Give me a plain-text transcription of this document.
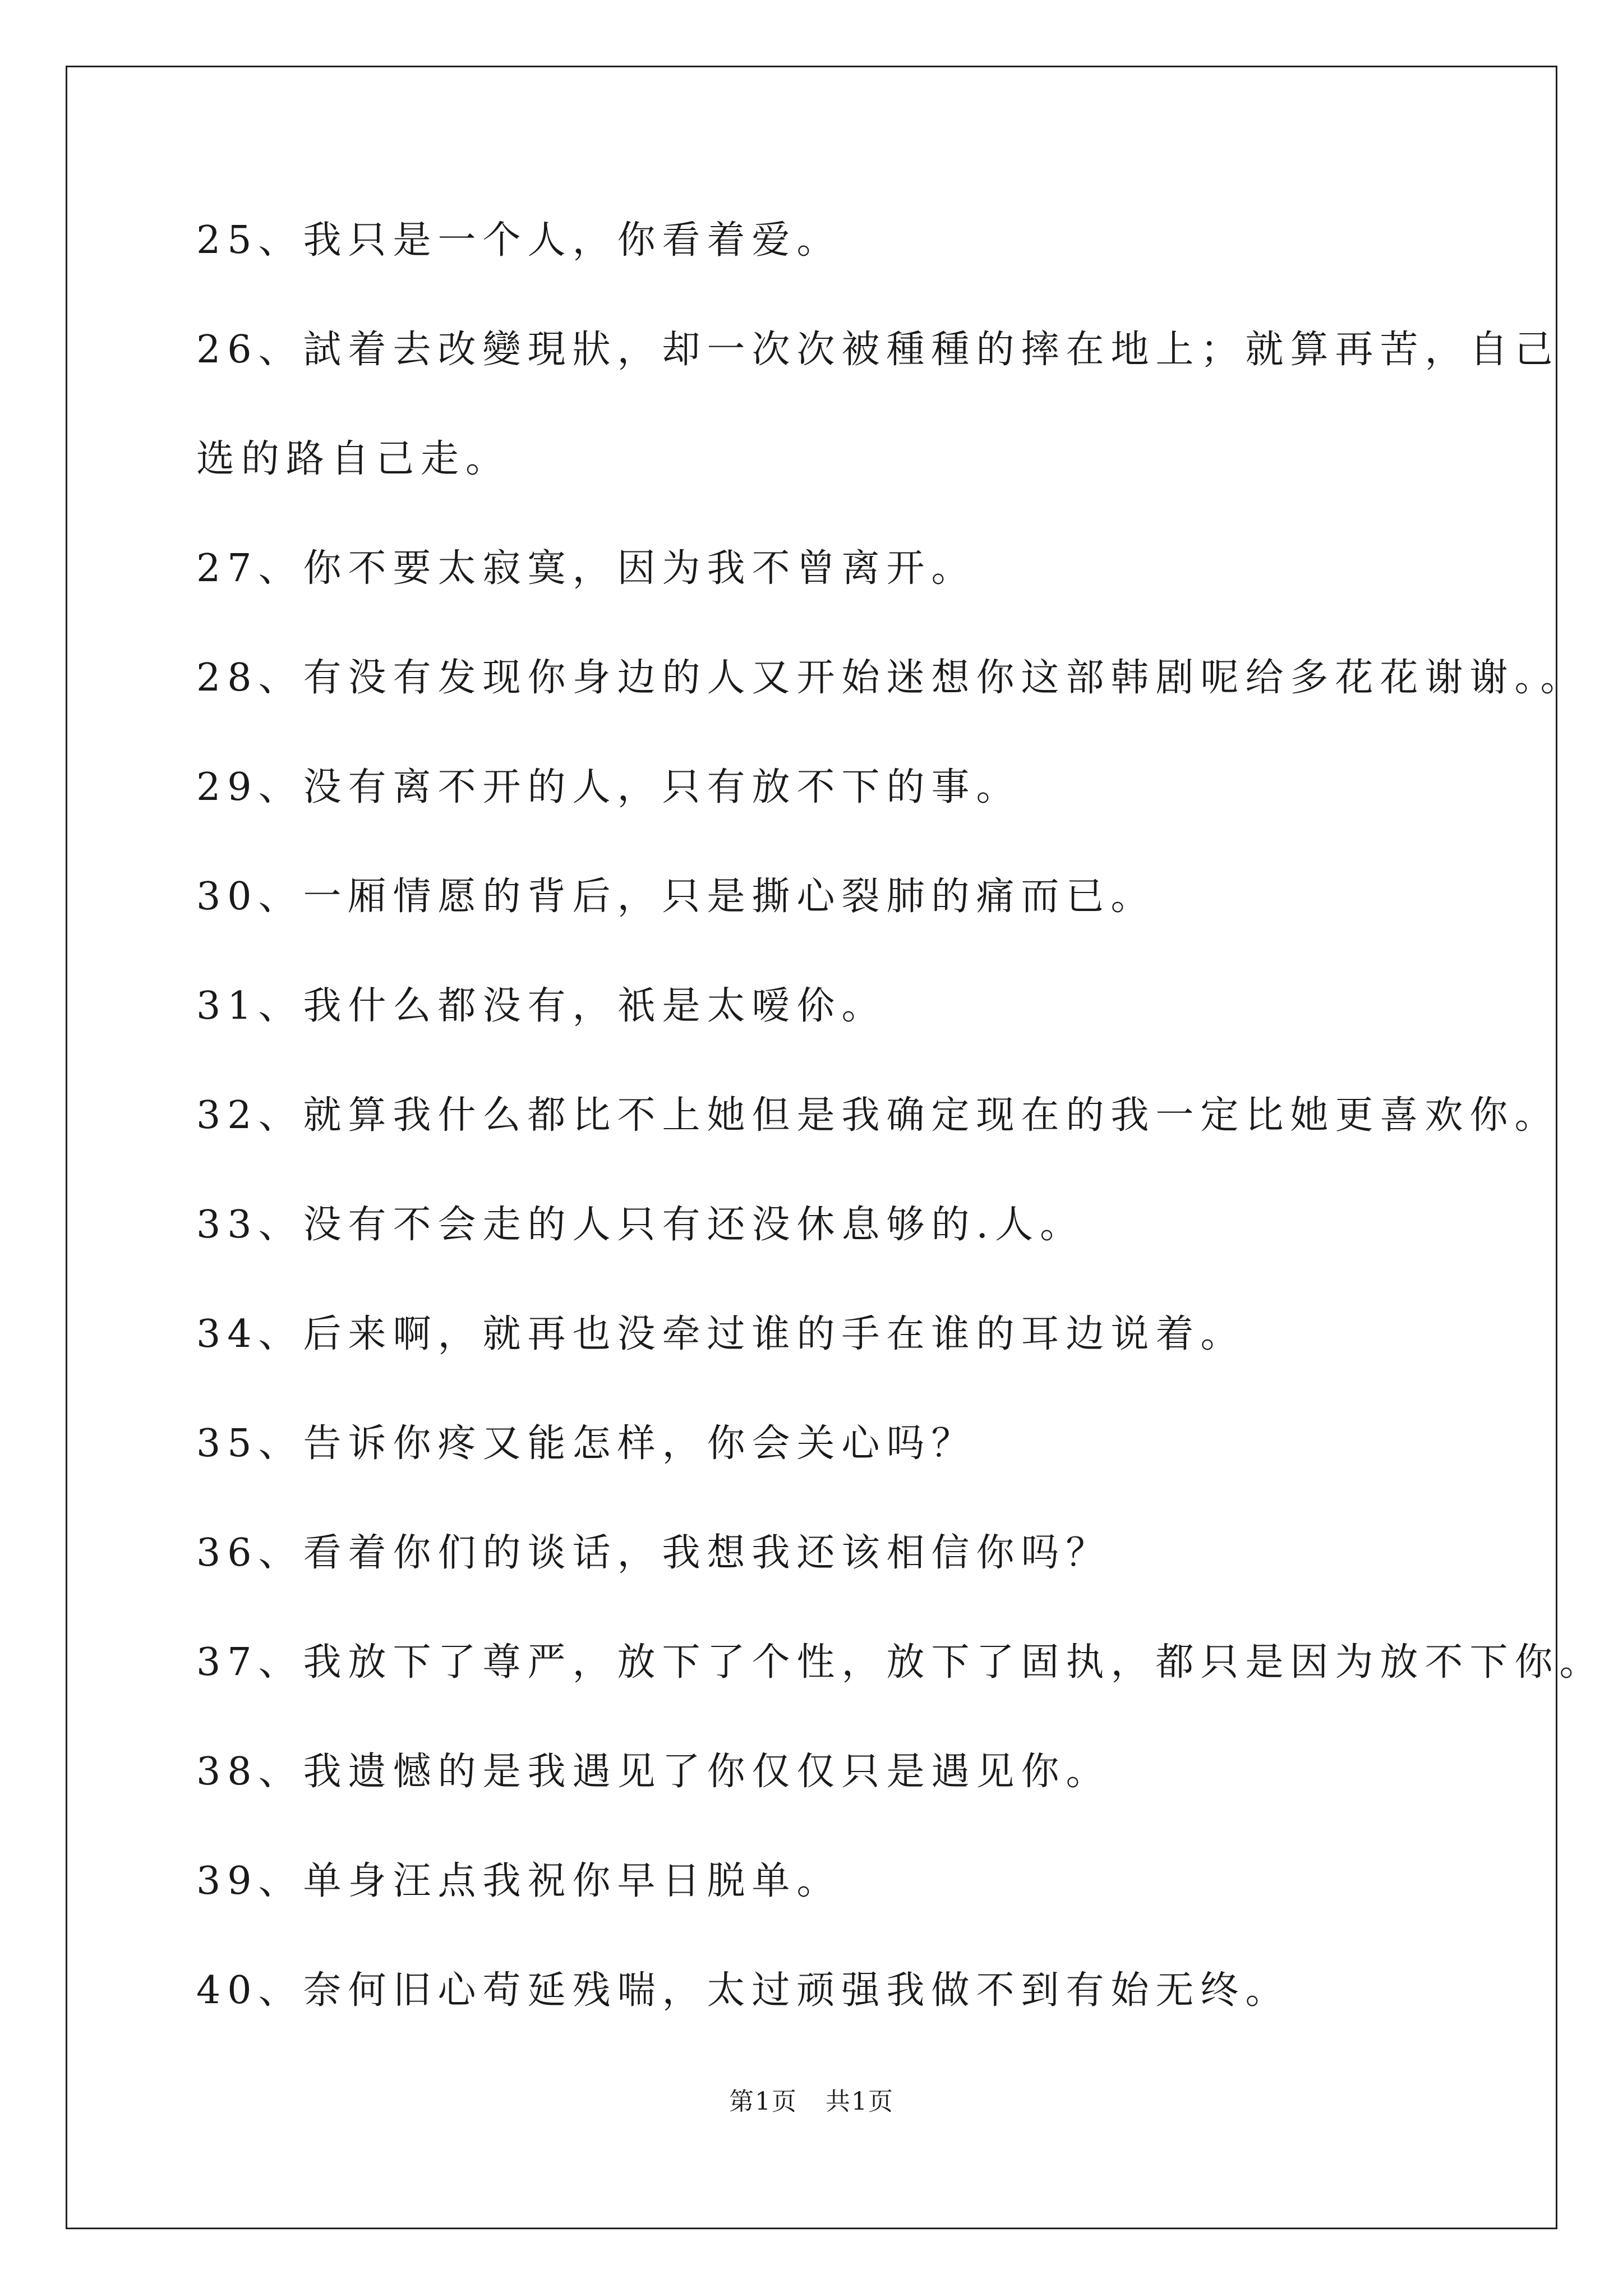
25、我只是一个人，你看着爱。
26、試着去改變現狀，却一次次被種種的摔在地上；就算再苦，自己
选的路自己走。
27、你不要太寂寞，因为我不曾离开。
28、有没有发现你身边的人又开始迷想你这部韩剧呢给多花花谢谢。。
29、没有离不开的人，只有放不下的事。
30、一厢情愿的背后，只是撕心裂肺的痛而已。
31、我什么都没有，祇是太嗳伱。
32、就算我什么都比不上她但是我确定现在的我一定比她更喜欢你。
33、没有不会走的人只有还没休息够的.人。
34、后来啊，就再也没牵过谁的手在谁的耳边说着。
35、告诉你疼又能怎样，你会关心吗？
36、看着你们的谈话，我想我还该相信你吗？
37、我放下了尊严，放下了个性，放下了固执，都只是因为放不下你。
38、我遗憾的是我遇见了你仅仅只是遇见你。
39、单身汪点我祝你早日脱单。
40、奈何旧心苟延残喘，太过顽强我做不到有始无终。
第1页 共1页
